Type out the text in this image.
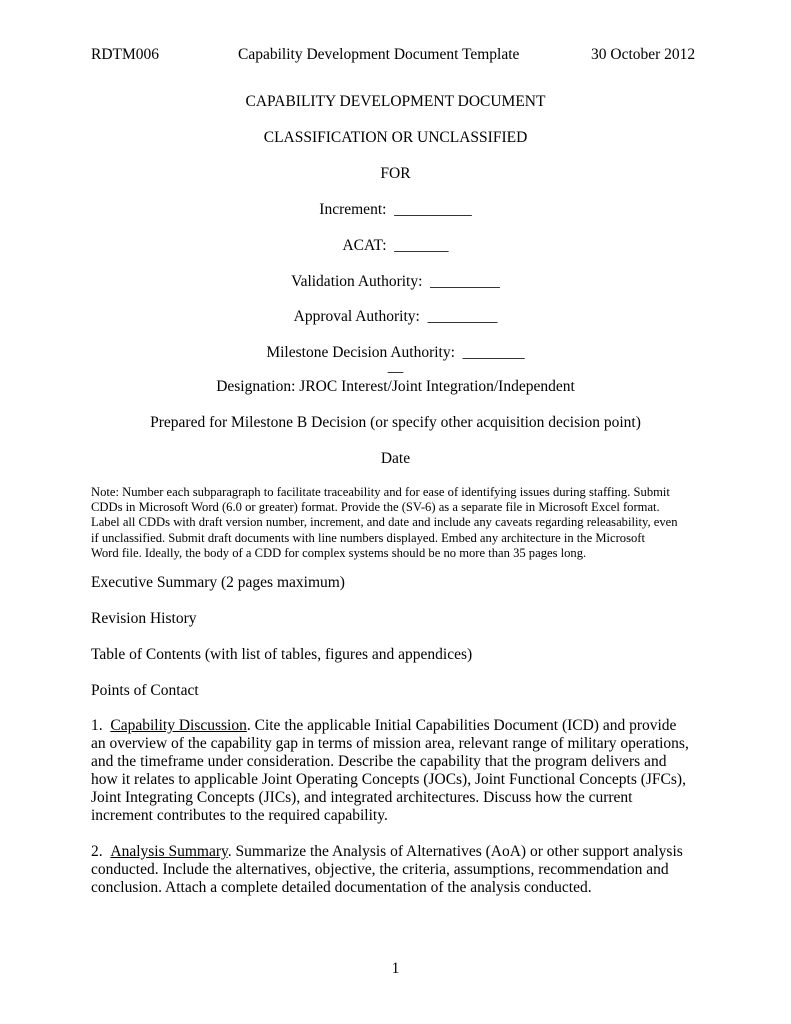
RDTM006	Capability Development Document Template	30 October 2012
CAPABILITY DEVELOPMENT DOCUMENT
CLASSIFICATION OR UNCLASSIFIED
FOR
Increment: __________
ACAT: _______
Validation Authority: _________
Approval Authority: _________
Milestone Decision Authority: ________
__
Designation: JROC Interest/Joint Integration/Independent
Prepared for Milestone B Decision (or specify other acquisition decision point)
Date
Note: Number each subparagraph to facilitate traceability and for ease of identifying issues during staffing. Submit
CDDs in Microsoft Word (6.0 or greater) format. Provide the (SV-6) as a separate file in Microsoft Excel format.
Label all CDDs with draft version number, increment, and date and include any caveats regarding releasability, even
if unclassified. Submit draft documents with line numbers displayed. Embed any architecture in the Microsoft
Word file. Ideally, the body of a CDD for complex systems should be no more than 35 pages long.
Executive Summary (2 pages maximum)
Revision History
Table of Contents (with list of tables, figures and appendices)
Points of Contact
1. Capability Discussion. Cite the applicable Initial Capabilities Document (ICD) and provide
an overview of the capability gap in terms of mission area, relevant range of military operations,
and the timeframe under consideration. Describe the capability that the program delivers and
how it relates to applicable Joint Operating Concepts (JOCs), Joint Functional Concepts (JFCs),
Joint Integrating Concepts (JICs), and integrated architectures. Discuss how the current
increment contributes to the required capability.
2. Analysis Summary. Summarize the Analysis of Alternatives (AoA) or other support analysis
conducted. Include the alternatives, objective, the criteria, assumptions, recommendation and
conclusion. Attach a complete detailed documentation of the analysis conducted.
1
